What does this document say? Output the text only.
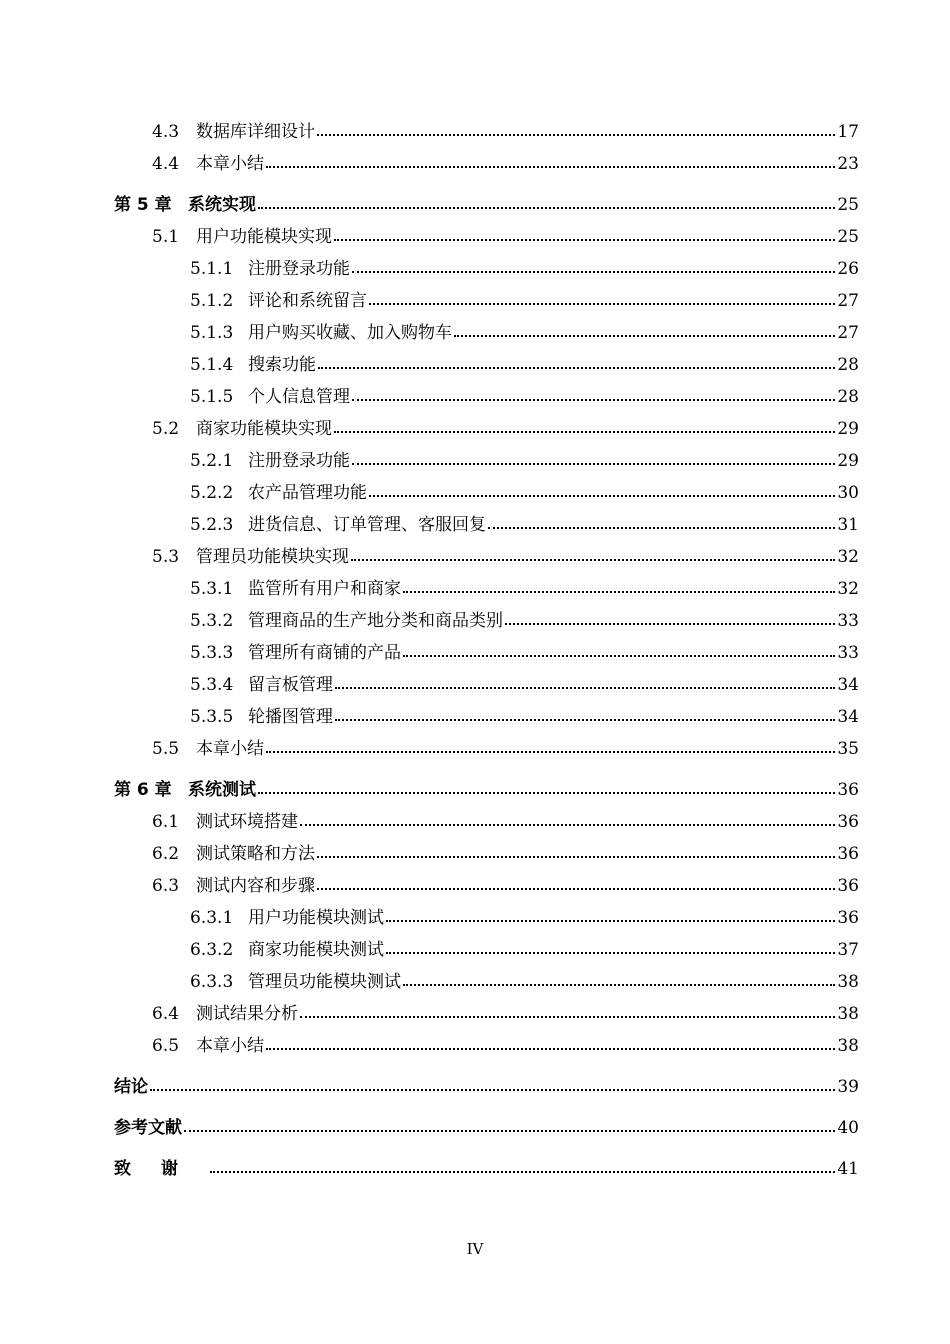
4.3 数据库详细设计	17
4.4 本章小结	23
第 5 章 系统实现	25
5.1 用户功能模块实现	25
5.1.1 注册登录功能	26
5.1.2 评论和系统留言	27
5.1.3 用户购买收藏、加入购物车	27
5.1.4 搜索功能	28
5.1.5 个人信息管理	28
5.2 商家功能模块实现	29
5.2.1 注册登录功能	29
5.2.2 农产品管理功能	30
5.2.3 进货信息、订单管理、客服回复	31
5.3 管理员功能模块实现	32
5.3.1 监管所有用户和商家	32
5.3.2 管理商品的生产地分类和商品类别	33
5.3.3 管理所有商铺的产品	33
5.3.4 留言板管理	34
5.3.5 轮播图管理	34
5.5 本章小结	35
第 6 章 系统测试	36
6.1 测试环境搭建	36
6.2 测试策略和方法	36
6.3 测试内容和步骤	36
6.3.1 用户功能模块测试	36
6.3.2 商家功能模块测试	37
6.3.3 管理员功能模块测试	38
6.4 测试结果分析	38
6.5 本章小结	38
结论	39
参考文献	40
致谢	41
IV
